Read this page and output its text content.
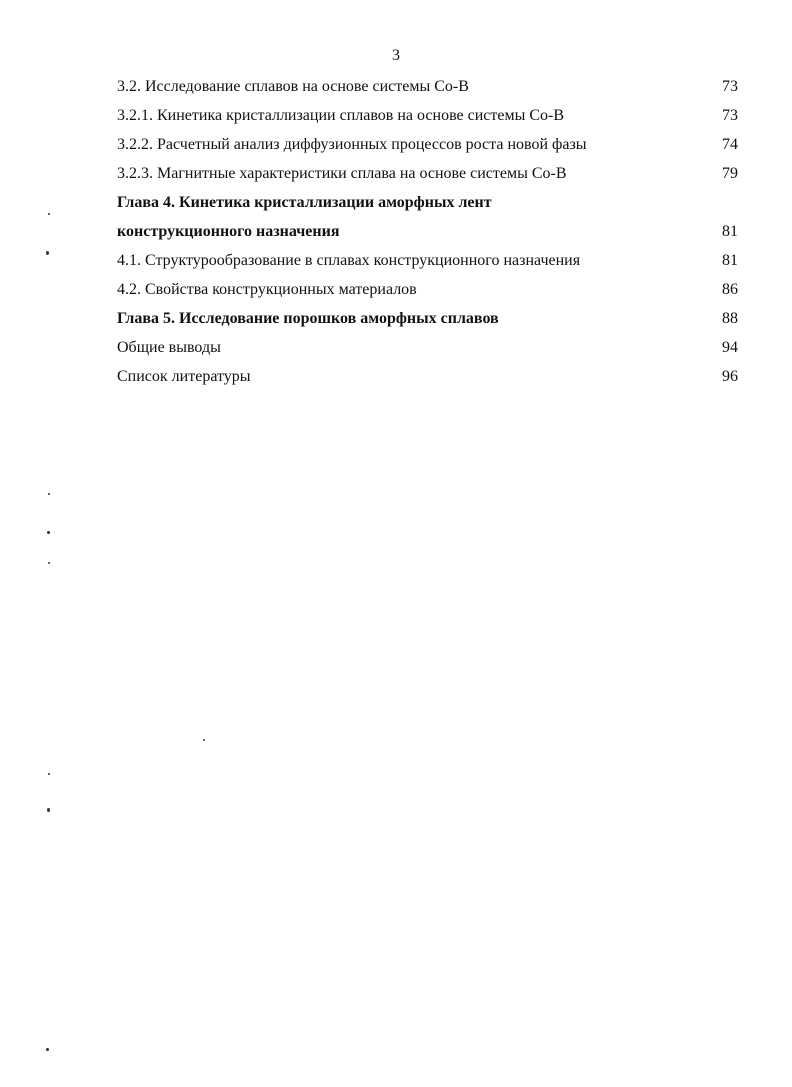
3
3.2. Исследование сплавов на основе системы Co-B	73
3.2.1. Кинетика кристаллизации сплавов на основе системы Co-B	73
3.2.2. Расчетный анализ диффузионных процессов роста новой фазы	74
3.2.3. Магнитные характеристики сплава на основе системы Co-B	79
Глава 4. Кинетика кристаллизации аморфных лент
конструкционного назначения	81
4.1. Структурообразование в сплавах конструкционного назначения	81
4.2. Свойства конструкционных материалов	86
Глава 5. Исследование порошков аморфных сплавов	88
Общие выводы	94
Список литературы	96
